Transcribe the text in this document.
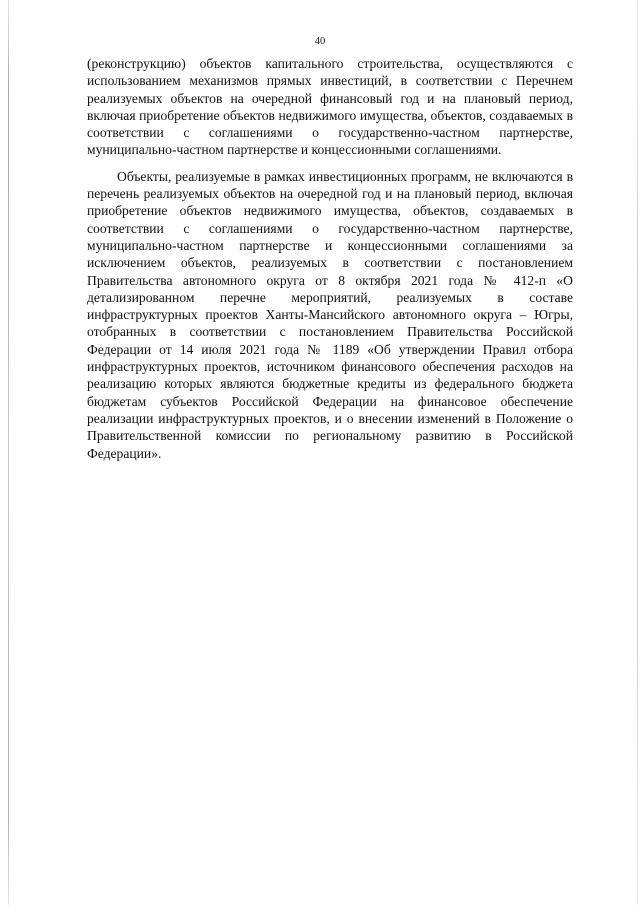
40

(реконструкцию) объектов капитального строительства, осуществляются с использованием механизмов прямых инвестиций, в соответствии с Перечнем реализуемых объектов на очередной финансовый год и на плановый период, включая приобретение объектов недвижимого имущества, объектов, создаваемых в соответствии с соглашениями о государственно-частном партнерстве, муниципально-частном партнерстве и концессионными соглашениями.

Объекты, реализуемые в рамках инвестиционных программ, не включаются в перечень реализуемых объектов на очередной год и на плановый период, включая приобретение объектов недвижимого имущества, объектов, создаваемых в соответствии с соглашениями о государственно-частном партнерстве, муниципально-частном партнерстве и концессионными соглашениями за исключением объектов, реализуемых в соответствии с постановлением Правительства автономного округа от 8 октября 2021 года № 412-п «О детализированном перечне мероприятий, реализуемых в составе инфраструктурных проектов Ханты-Мансийского автономного округа – Югры, отобранных в соответствии с постановлением Правительства Российской Федерации от 14 июля 2021 года № 1189 «Об утверждении Правил отбора инфраструктурных проектов, источником финансового обеспечения расходов на реализацию которых являются бюджетные кредиты из федерального бюджета бюджетам субъектов Российской Федерации на финансовое обеспечение реализации инфраструктурных проектов, и о внесении изменений в Положение о Правительственной комиссии по региональному развитию в Российской Федерации».
